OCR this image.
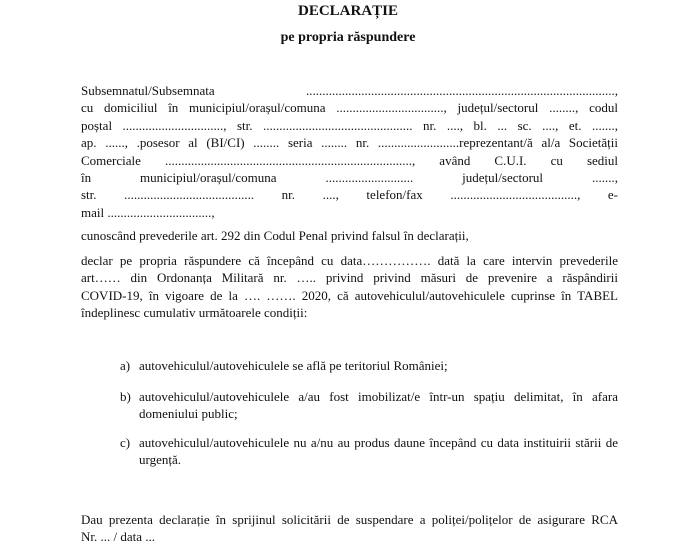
DECLARAȚIE
pe propria răspundere
Subsemnatul/Subsemnata ...............................................................................................,
cu domiciliul în municipiul/orașul/comuna ................................., județul/sectorul ........, codul
poștal ..............................., str. .............................................. nr. ...., bl. ... sc. ...., et. .......,
ap. ......, .posesor al (BI/CI) ........ seria ........ nr. .........................reprezentant/ă al/a Societății
Comerciale ............................................................................, având C.U.I. cu sediul
în municipiul/orașul/comuna ........................... județul/sectorul .......,
str. ........................................ nr. ...., telefon/fax ......................................., e-
mail ................................,

cunoscând prevederile art. 292 din Codul Penal privind falsul în declarații,

declar pe propria răspundere că începând cu data……………. dată la care intervin prevederile
art…… din Ordonanța Militară nr. ….. privind privind măsuri de prevenire a răspândirii
COVID-19, în vigoare de la …. ……. 2020, că autovehiculul/autovehiculele cuprinse în TABEL
îndeplinesc cumulativ următoarele condiții:
a) autovehiculul/autovehiculele se află pe teritoriul României;
b) autovehiculul/autovehiculele a/au fost imobilizat/e într-un spațiu delimitat, în afara domeniului public;
c) autovehiculul/autovehiculele nu a/nu au produs daune începând cu data instituirii stării de urgență.
Dau prezenta declarație în sprijinul solicitării de suspendare a poliței/polițelor de asigurare RCA
Nr. ... / data ...
